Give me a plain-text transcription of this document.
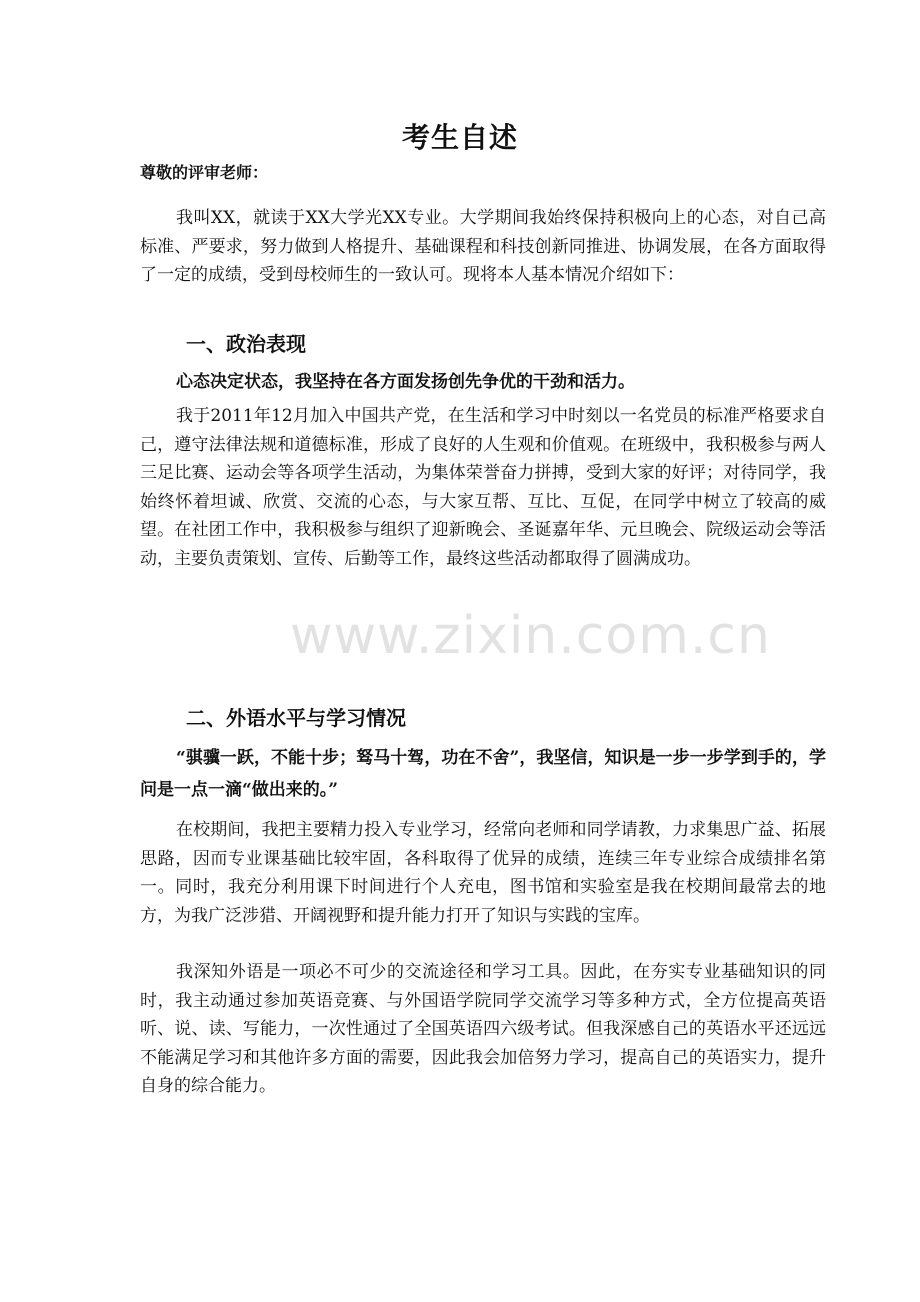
考生自述
尊敬的评审老师：

我叫XX，就读于XX大学光XX专业。大学期间我始终保持积极向上的心态，对自己高标准、严要求，努力做到人格提升、基础课程和科技创新同推进、协调发展，在各方面取得了一定的成绩，受到母校师生的一致认可。现将本人基本情况介绍如下：

一、政治表现

心态决定状态，我坚持在各方面发扬创先争优的干劲和活力。

我于2011年12月加入中国共产党，在生活和学习中时刻以一名党员的标准严格要求自己，遵守法律法规和道德标准，形成了良好的人生观和价值观。在班级中，我积极参与两人三足比赛、运动会等各项学生活动，为集体荣誉奋力拼搏，受到大家的好评；对待同学，我始终怀着坦诚、欣赏、交流的心态，与大家互帮、互比、互促，在同学中树立了较高的威望。在社团工作中，我积极参与组织了迎新晚会、圣诞嘉年华、元旦晚会、院级运动会等活动，主要负责策划、宣传、后勤等工作，最终这些活动都取得了圆满成功。

二、外语水平与学习情况

“骐骥一跃，不能十步；驽马十驾，功在不舍”，我坚信，知识是一步一步学到手的，学问是一点一滴“做出来的。”

在校期间，我把主要精力投入专业学习，经常向老师和同学请教，力求集思广益、拓展思路，因而专业课基础比较牢固，各科取得了优异的成绩，连续三年专业综合成绩排名第一。同时，我充分利用课下时间进行个人充电，图书馆和实验室是我在校期间最常去的地方，为我广泛涉猎、开阔视野和提升能力打开了知识与实践的宝库。

我深知外语是一项必不可少的交流途径和学习工具。因此，在夯实专业基础知识的同时，我主动通过参加英语竞赛、与外国语学院同学交流学习等多种方式，全方位提高英语听、说、读、写能力，一次性通过了全国英语四六级考试。但我深感自己的英语水平还远远不能满足学习和其他许多方面的需要，因此我会加倍努力学习，提高自己的英语实力，提升自身的综合能力。

www.zixin.com.cn
